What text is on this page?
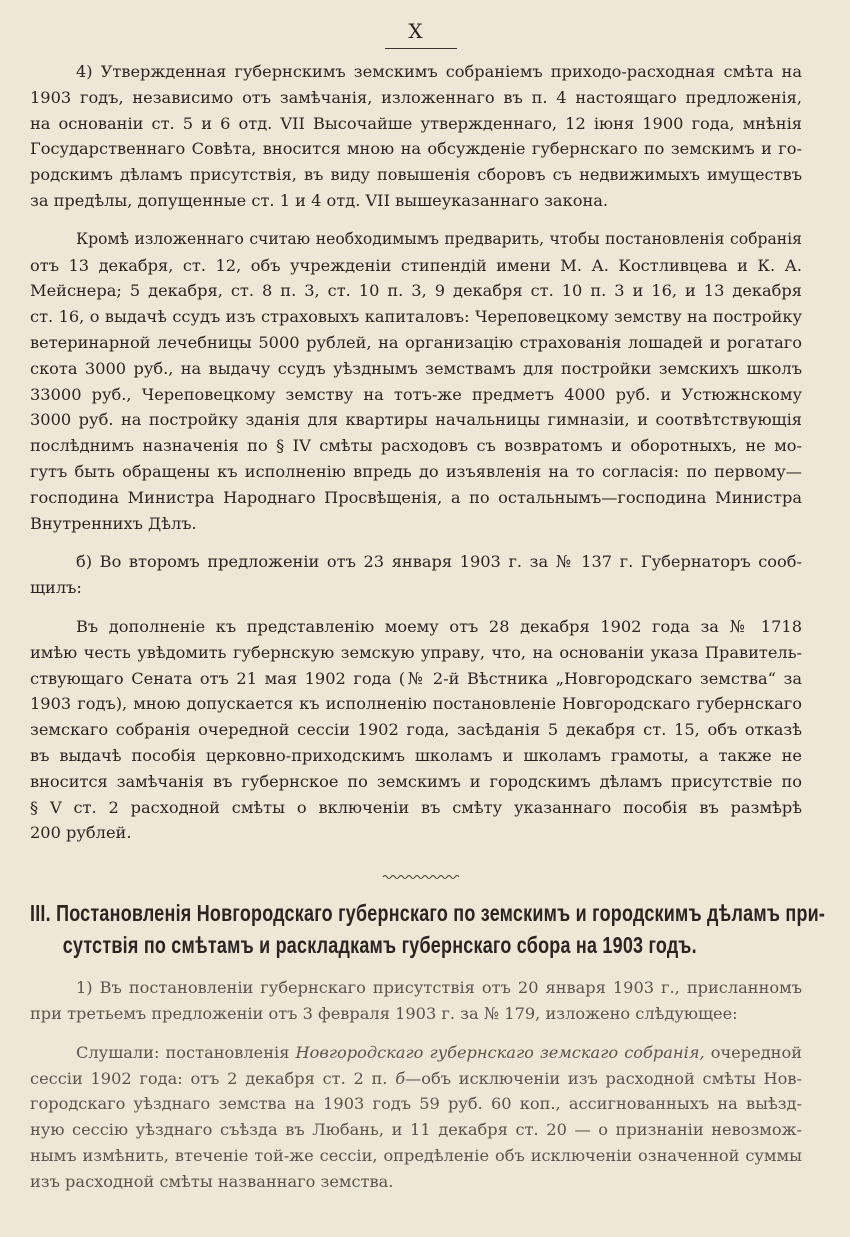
X
4) Утвержденная губернскимъ земскимъ собраніемъ приходо-расходная смѣта на
1903 годъ, независимо отъ замѣчанія, изложеннаго въ п. 4 настоящаго предложенія,
на основаніи ст. 5 и 6 отд. VII Высочайше утвержденнаго, 12 іюня 1900 года, мнѣнія
Государственнаго Совѣта, вносится мною на обсужденіе губернскаго по земскимъ и го-
родскимъ дѣламъ присутствія, въ виду повышенія сборовъ съ недвижимыхъ имуществъ
за предѣлы, допущенные ст. 1 и 4 отд. VII вышеуказаннаго закона.
Кромѣ изложеннаго считаю необходимымъ предварить, чтобы постановленія собранія
отъ 13 декабря, ст. 12, объ учрежденіи стипендій имени М. А. Костливцева и К. А.
Мейснера; 5 декабря, ст. 8 п. 3, ст. 10 п. 3, 9 декабря ст. 10 п. 3 и 16, и 13 декабря
ст. 16, о выдачѣ ссудъ изъ страховыхъ капиталовъ: Череповецкому земству на постройку
ветеринарной лечебницы 5000 рублей, на организацію страхованія лошадей и рогатаго
скота 3000 руб., на выдачу ссудъ уѣзднымъ земствамъ для постройки земскихъ школъ
33000 руб., Череповецкому земству на тотъ-же предметъ 4000 руб. и Устюжнскому
3000 руб. на постройку зданія для квартиры начальницы гимназіи, и соотвѣтствующія
послѣднимъ назначенія по § IV смѣты расходовъ съ возвратомъ и оборотныхъ, не мо-
гутъ быть обращены къ исполненію впредь до изъявленія на то согласія: по первому—
господина Министра Народнаго Просвѣщенія, а по остальнымъ—господина Министра
Внутреннихъ Дѣлъ.
б) Во второмъ предложеніи отъ 23 января 1903 г. за № 137 г. Губернаторъ сооб-
щилъ:
Въ дополненіе къ представленію моему отъ 28 декабря 1902 года за № 1718
имѣю честь увѣдомить губернскую земскую управу, что, на основаніи указа Правитель-
ствующаго Сената отъ 21 мая 1902 года (№ 2-й Вѣстника „Новгородскаго земства“ за
1903 годъ), мною допускается къ исполненію постановленіе Новгородскаго губернскаго
земскаго собранія очередной сессіи 1902 года, засѣданія 5 декабря ст. 15, объ отказѣ
въ выдачѣ пособія церковно-приходскимъ школамъ и школамъ грамоты, а также не
вносится замѣчанія въ губернское по земскимъ и городскимъ дѣламъ присутствіе по
§ V ст. 2 расходной смѣты о включеніи въ смѣту указаннаго пособія въ размѣрѣ
200 рублей.
III. Постановленія Новгородскаго губернскаго по земскимъ и городскимъ дѣламъ при-
сутствія по смѣтамъ и раскладкамъ губернскаго сбора на 1903 годъ.
1) Въ постановленіи губернскаго присутствія отъ 20 января 1903 г., присланномъ
при третьемъ предложеніи отъ 3 февраля 1903 г. за № 179, изложено слѣдующее:
Слушали: постановленія Новгородскаго губернскаго земскаго собранія, очередной
сессіи 1902 года: отъ 2 декабря ст. 2 п. б—объ исключеніи изъ расходной смѣты Нов-
городскаго уѣзднаго земства на 1903 годъ 59 руб. 60 коп., ассигнованныхъ на выѣзд-
ную сессію уѣзднаго съѣзда въ Любань, и 11 декабря ст. 20 — о признаніи невозмож-
нымъ измѣнить, втеченіе той-же сессіи, опредѣленіе объ исключеніи означенной суммы
изъ расходной смѣты названнаго земства.
